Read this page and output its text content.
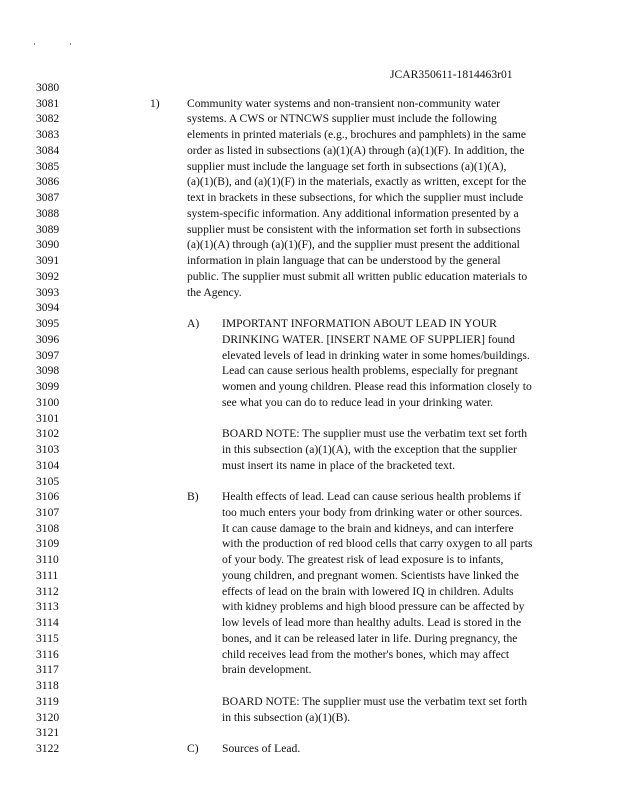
JCAR350611-1814463r01
3080
3081	1) Community water systems and non-transient non-community water
3082	systems. A CWS or NTNCWS supplier must include the following
3083	elements in printed materials (e.g., brochures and pamphlets) in the same
3084	order as listed in subsections (a)(1)(A) through (a)(1)(F). In addition, the
3085	supplier must include the language set forth in subsections (a)(1)(A),
3086	(a)(1)(B), and (a)(1)(F) in the materials, exactly as written, except for the
3087	text in brackets in these subsections, for which the supplier must include
3088	system-specific information. Any additional information presented by a
3089	supplier must be consistent with the information set forth in subsections
3090	(a)(1)(A) through (a)(1)(F), and the supplier must present the additional
3091	information in plain language that can be understood by the general
3092	public. The supplier must submit all written public education materials to
3093	the Agency.
3094
3095	A) IMPORTANT INFORMATION ABOUT LEAD IN YOUR
3096	DRINKING WATER. [INSERT NAME OF SUPPLIER] found
3097	elevated levels of lead in drinking water in some homes/buildings.
3098	Lead can cause serious health problems, especially for pregnant
3099	women and young children. Please read this information closely to
3100	see what you can do to reduce lead in your drinking water.
3101
3102	BOARD NOTE: The supplier must use the verbatim text set forth
3103	in this subsection (a)(1)(A), with the exception that the supplier
3104	must insert its name in place of the bracketed text.
3105
3106	B) Health effects of lead. Lead can cause serious health problems if
3107	too much enters your body from drinking water or other sources.
3108	It can cause damage to the brain and kidneys, and can interfere
3109	with the production of red blood cells that carry oxygen to all parts
3110	of your body. The greatest risk of lead exposure is to infants,
3111	young children, and pregnant women. Scientists have linked the
3112	effects of lead on the brain with lowered IQ in children. Adults
3113	with kidney problems and high blood pressure can be affected by
3114	low levels of lead more than healthy adults. Lead is stored in the
3115	bones, and it can be released later in life. During pregnancy, the
3116	child receives lead from the mother's bones, which may affect
3117	brain development.
3118
3119	BOARD NOTE: The supplier must use the verbatim text set forth
3120	in this subsection (a)(1)(B).
3121
3122	C) Sources of Lead.
